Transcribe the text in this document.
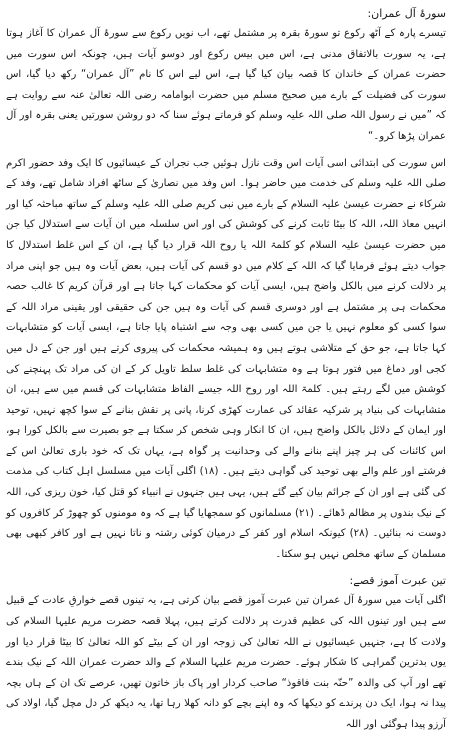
سورۂ آل عمران:

تیسرے پارہ کے آٹھ رکوع تو سورۃ بقرہ پر مشتمل تھے، اب نویں رکوع سے سورۂ آل عمران کا آغاز ہوتا ہے، یہ سورت بالاتفاق مدنی ہے، اس میں بیس رکوع اور دوسو آیات ہیں، چونکہ اس سورت میں حضرت عمران کے خاندان کا قصہ بیان کیا گیا ہے، اس لیے اس کا نام ”آل عمران“ رکھ دیا گیا، اس سورت کی فضیلت کے بارے میں صحیح مسلم میں حضرت ابوامامہ رضی اللہ تعالیٰ عنہ سے روایت ہے کہ ”میں نے رسول اللہ صلی اللہ علیہ وسلم کو فرماتے ہوئے سنا کہ دو روشن سورتیں یعنی بقرہ اور آل عمران پڑھا کرو۔“

اس سورت کی ابتدائی اسی آیات اس وقت نازل ہوئیں جب نجران کے عیسائیوں کا ایک وفد حضور اکرم صلی اللہ علیہ وسلم کی خدمت میں حاضر ہوا۔ اس وفد میں نصاریٰ کے ساٹھ افراد شامل تھے، وفد کے شرکاء نے حضرت عیسیٰ علیہ السلام کے بارے میں نبی کریم صلی اللہ علیہ وسلم کے ساتھ مباحثہ کیا اور انہیں معاذ اللہ، اللہ کا بیٹا ثابت کرنے کی کوشش کی اور اس سلسلہ میں ان آیات سے استدلال کیا جن میں حضرت عیسیٰ علیہ السلام کو کلمۃ اللہ یا روح اللہ قرار دیا گیا ہے، ان کے اس غلط استدلال کا جواب دیتے ہوئے فرمایا گیا کہ اللہ کے کلام میں دو قسم کی آیات ہیں، بعض آیات وہ ہیں جو اپنی مراد پر دلالت کرنے میں بالکل واضح ہیں، ایسی آیات کو محکمات کہا جاتا ہے اور قرآن کریم کا غالب حصہ محکمات ہی پر مشتمل ہے اور دوسری قسم کی آیات وہ ہیں جن کی حقیقی اور یقینی مراد اللہ کے سوا کسی کو معلوم نہیں یا جن میں کسی بھی وجہ سے اشتباہ پایا جاتا ہے، ایسی آیات کو متشابہات کہا جاتا ہے، جو حق کے متلاشی ہوتے ہیں وہ ہمیشہ محکمات کی پیروی کرتے ہیں اور جن کے دل میں کجی اور دماغ میں فتور ہوتا ہے وہ متشابہات کی غلط سلط تاویل کر کے ان کی مراد تک پہنچنے کی کوشش میں لگے رہتے ہیں۔ کلمۃ اللہ اور روح اللہ جیسے الفاظ متشابہات کی قسم میں سے ہیں، ان متشابہات کی بنیاد پر شرکیہ عقائد کی عمارت کھڑی کرنا، پانی پر نقش بنانے کے سوا کچھ نہیں، توحید اور ایمان کے دلائل بالکل واضح ہیں، ان کا انکار وہی شخص کر سکتا ہے جو بصیرت سے بالکل کورا ہو، اس کائنات کی ہر چیز اپنے بنانے والے کی وحدانیت پر گواہ ہے، یہاں تک کہ خود باری تعالیٰ اس کے فرشتے اور علم والے بھی توحید کی گواہی دیتے ہیں۔ (۱۸) اگلی آیات میں مسلسل اہل کتاب کی مذمت کی گئی ہے اور ان کے جرائم بیان کیے گئے ہیں، یہی ہیں جنہوں نے انبیاء کو قتل کیا، خون ریزی کی، اللہ کے نیک بندوں پر مظالم ڈھائے۔ (۲۱) مسلمانوں کو سمجھایا گیا ہے کہ وہ مومنوں کو چھوڑ کر کافروں کو دوست نہ بنائیں۔ (۲۸) کیونکہ اسلام اور کفر کے درمیان کوئی رشتہ و ناتا نہیں ہے اور کافر کبھی بھی مسلمان کے ساتھ مخلص نہیں ہو سکتا۔

تین عبرت آموز قصے:

اگلی آیات میں سورۂ آل عمران تین عبرت آموز قصے بیان کرتی ہے، یہ تینوں قصے خوارقِ عادت کے قبیل سے ہیں اور تینوں اللہ کی عظیم قدرت پر دلالت کرتے ہیں، پہلا قصہ حضرت مریم علیہا السلام کی ولادت کا ہے، جنہیں عیسائیوں نے اللہ تعالیٰ کی زوجہ اور ان کے بیٹے کو اللہ تعالیٰ کا بیٹا قرار دیا اور یوں بدترین گمراہی کا شکار ہوئے۔ حضرت مریم علیہا السلام کے والد حضرت عمران اللہ کے نیک بندے تھے اور آپ کی والدہ ”حنّہ بنت فاقوذ“ صاحب کردار اور پاک باز خاتون تھیں، عرصے تک ان کے ہاں بچہ پیدا نہ ہوا، ایک دن پرندے کو دیکھا کہ وہ اپنے بچے کو دانہ کھلا رہا تھا، یہ دیکھ کر دل مچل گیا، اولاد کی آرزو پیدا ہوگئی اور اللہ
